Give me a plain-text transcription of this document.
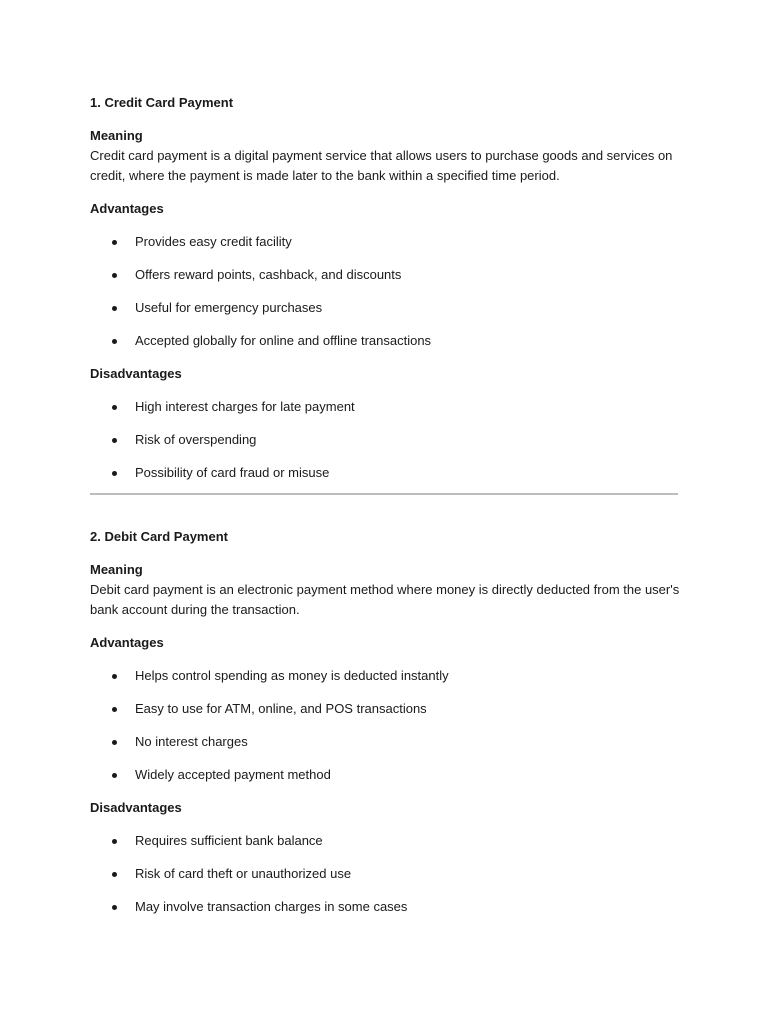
1. Credit Card Payment

Meaning

Credit card payment is a digital payment service that allows users to purchase goods and services on credit, where the payment is made later to the bank within a specified time period.

Advantages

Provides easy credit facility
Offers reward points, cashback, and discounts
Useful for emergency purchases
Accepted globally for online and offline transactions

Disadvantages

High interest charges for late payment
Risk of overspending
Possibility of card fraud or misuse

2. Debit Card Payment

Meaning

Debit card payment is an electronic payment method where money is directly deducted from the user's bank account during the transaction.

Advantages

Helps control spending as money is deducted instantly
Easy to use for ATM, online, and POS transactions
No interest charges
Widely accepted payment method

Disadvantages

Requires sufficient bank balance
Risk of card theft or unauthorized use
May involve transaction charges in some cases
